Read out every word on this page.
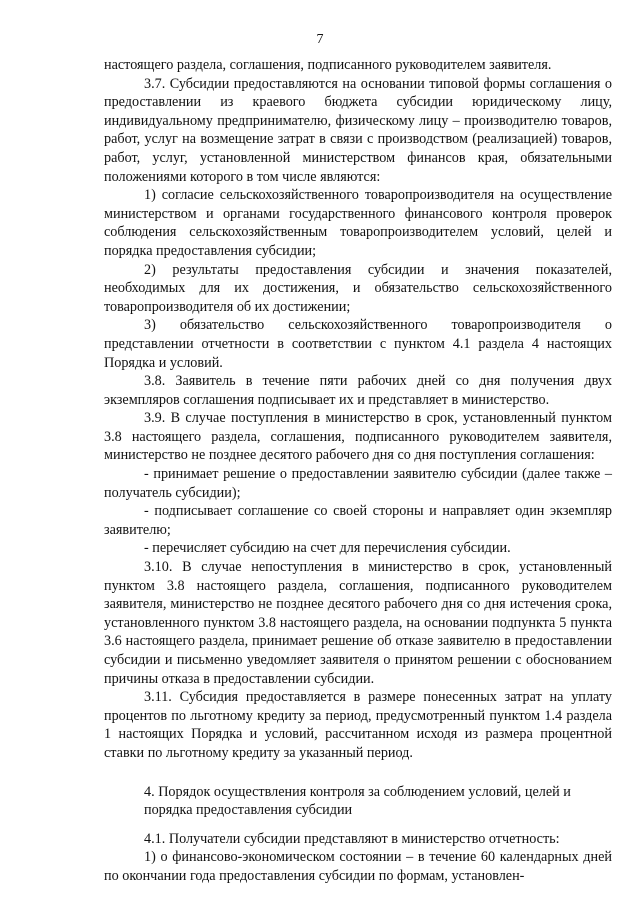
7

настоящего раздела, соглашения, подписанного руководителем заявителя.

3.7. Субсидии предоставляются на основании типовой формы соглашения о предоставлении из краевого бюджета субсидии юридическому лицу, индивидуальному предпринимателю, физическому лицу – производителю товаров, работ, услуг на возмещение затрат в связи с производством (реализацией) товаров, работ, услуг, установленной министерством финансов края, обязательными положениями которого в том числе являются:

1) согласие сельскохозяйственного товаропроизводителя на осуществление министерством и органами государственного финансового контроля проверок соблюдения сельскохозяйственным товаропроизводителем условий, целей и порядка предоставления субсидии;

2) результаты предоставления субсидии и значения показателей, необходимых для их достижения, и обязательство сельскохозяйственного товаропроизводителя об их достижении;

3) обязательство сельскохозяйственного товаропроизводителя о представлении отчетности в соответствии с пунктом 4.1 раздела 4 настоящих Порядка и условий.

3.8. Заявитель в течение пяти рабочих дней со дня получения двух экземпляров соглашения подписывает их и представляет в министерство.

3.9. В случае поступления в министерство в срок, установленный пунктом 3.8 настоящего раздела, соглашения, подписанного руководителем заявителя, министерство не позднее десятого рабочего дня со дня поступления соглашения:

- принимает решение о предоставлении заявителю субсидии (далее также – получатель субсидии);

- подписывает соглашение со своей стороны и направляет один экземпляр заявителю;

- перечисляет субсидию на счет для перечисления субсидии.

3.10. В случае непоступления в министерство в срок, установленный пунктом 3.8 настоящего раздела, соглашения, подписанного руководителем заявителя, министерство не позднее десятого рабочего дня со дня истечения срока, установленного пунктом 3.8 настоящего раздела, на основании подпункта 5 пункта 3.6 настоящего раздела, принимает решение об отказе заявителю в предоставлении субсидии и письменно уведомляет заявителя о принятом решении с обоснованием причины отказа в предоставлении субсидии.

3.11. Субсидия предоставляется в размере понесенных затрат на уплату процентов по льготному кредиту за период, предусмотренный пунктом 1.4 раздела 1 настоящих Порядка и условий, рассчитанном исходя из размера процентной ставки по льготному кредиту за указанный период.

4. Порядок осуществления контроля за соблюдением условий, целей и порядка предоставления субсидии

4.1. Получатели субсидии представляют в министерство отчетность:

1) о финансово-экономическом состоянии – в течение 60 календарных дней по окончании года предоставления субсидии по формам, установлен-
